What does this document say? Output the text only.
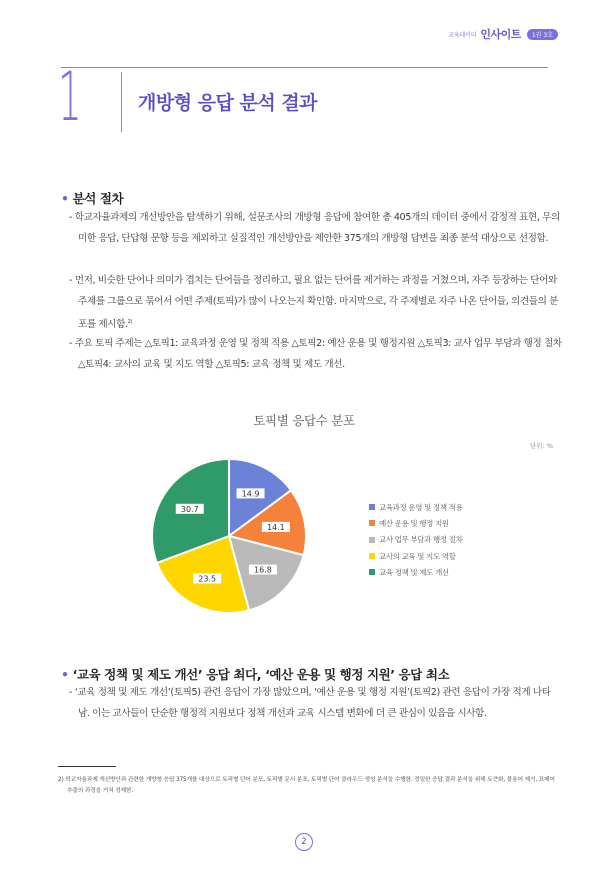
교육데이터 인사이트	1권 3호
1	개방형 응답 분석 결과
• 분석 절차
- 학교자율과제의 개선방안을 탐색하기 위해, 설문조사의 개방형 응답에 참여한 총 405개의 데이터 중에서 감정적 표현, 무의미한 응답, 단답형 문항 등을 제외하고 실질적인 개선방안을 제안한 375개의 개방형 답변을 최종 분석 대상으로 선정함.
- 먼저, 비슷한 단어나 의미가 겹치는 단어들을 정리하고, 필요 없는 단어를 제거하는 과정을 거쳤으며, 자주 등장하는 단어와 주제를 그룹으로 묶어서 어떤 주제(토픽)가 많이 나오는지 확인함. 마지막으로, 각 주제별로 자주 나온 단어들, 의견들의 분포를 제시함.$^{2)}$
- 주요 토픽 주제는 △토픽1: 교육과정 운영 및 정책 적용 △토픽2: 예산 운용 및 행정지원 △토픽3: 교사 업무 부담과 행정 절차 △토픽4: 교사의 교육 및 지도 역할 △토픽5: 교육 정책 및 제도 개선.
토픽별 응답수 분포
단위: %
14.9
14.1
16.8
23.5
30.7	교육과정 운영 및 정책 적용
예산 운용 및 행정 지원
교사 업무 부담과 행정 절차
교사의 교육 및 지도 역할
교육 정책 및 제도 개선
• ‘교육 정책 및 제도 개선’ 응답 최다, ‘예산 운용 및 행정 지원’ 응답 최소
- ‘교육 정책 및 제도 개선’(토픽5) 관련 응답이 가장 많았으며, ‘예산 운용 및 행정 지원’(토픽2) 관련 응답이 가장 적게 나타남. 이는 교사들이 단순한 행정적 지원보다 정책 개선과 교육 시스템 변화에 더 큰 관심이 있음을 시사함.
2) 학교자율과제 개선방안과 관련한 개방형 응답 375개를 대상으로 토픽별 단어 분포, 토픽별 문서 분포, 토픽별 단어 클라우드 생성 분석을 수행함. 정밀한 응답 결과 분석을 위해 토큰화, 불용어 제거, 표제어 추출의 과정을 거쳐 정제함.
2
